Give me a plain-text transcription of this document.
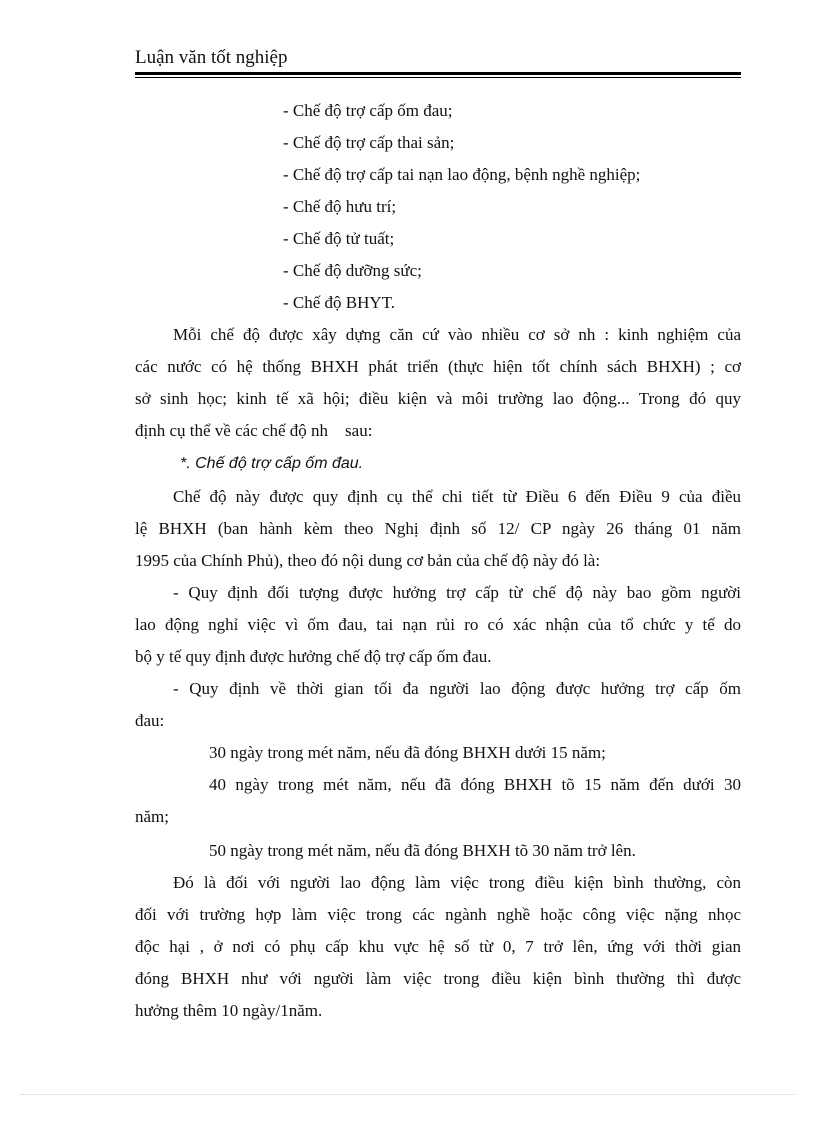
Luận văn tốt nghiệp
- Chế độ trợ cấp ốm đau;
- Chế độ trợ cấp thai sản;
- Chế độ trợ cấp tai nạn lao động, bệnh nghề nghiệp;
- Chế độ hưu trí;
- Chế độ tử tuất;
- Chế độ dưỡng sức;
- Chế độ BHYT.
Mỗi chế độ được xây dựng căn cứ vào nhiều cơ sở nh : kinh nghiệm của
các nước có hệ thống BHXH phát triển (thực hiện tốt chính sách BHXH) ; cơ
sở sinh học; kinh tế xã hội; điều kiện và môi trường lao động... Trong đó quy
định cụ thể về các chế độ nh    sau:
*. Chế độ trợ cấp ốm đau.
Chế độ này được quy định cụ thể chi tiết từ Điều 6 đến Điều 9 của điều
lệ BHXH (ban hành kèm theo Nghị định số 12/ CP ngày 26 tháng 01 năm
1995 của Chính Phủ), theo đó nội dung cơ bản của chế độ này đó là:
- Quy định đối tượng được hưởng trợ cấp từ chế độ này bao gồm người
lao động nghỉ việc vì ốm đau, tai nạn rủi ro có xác nhận của tổ chức y tế do
bộ y tế quy định được hưởng chế độ trợ cấp ốm đau.
- Quy định về thời gian tối đa người lao động được hưởng trợ cấp ốm
đau:
30 ngày trong mét năm, nếu đã đóng BHXH dưới 15 năm;
40 ngày trong mét năm, nếu đã đóng BHXH tõ 15 năm đến dưới 30
năm;
50 ngày trong mét năm, nếu đã đóng BHXH tõ 30 năm trở lên.
Đó là đối với người lao động làm việc trong điều kiện bình thường, còn
đối với trường hợp làm việc trong các ngành nghề hoặc công việc nặng nhọc
độc hại , ở nơi có phụ cấp khu vực hệ số từ 0, 7 trở lên, ứng với thời gian
đóng BHXH như với người làm việc trong điều kiện bình thường thì được
hưởng thêm 10 ngày/1năm.
